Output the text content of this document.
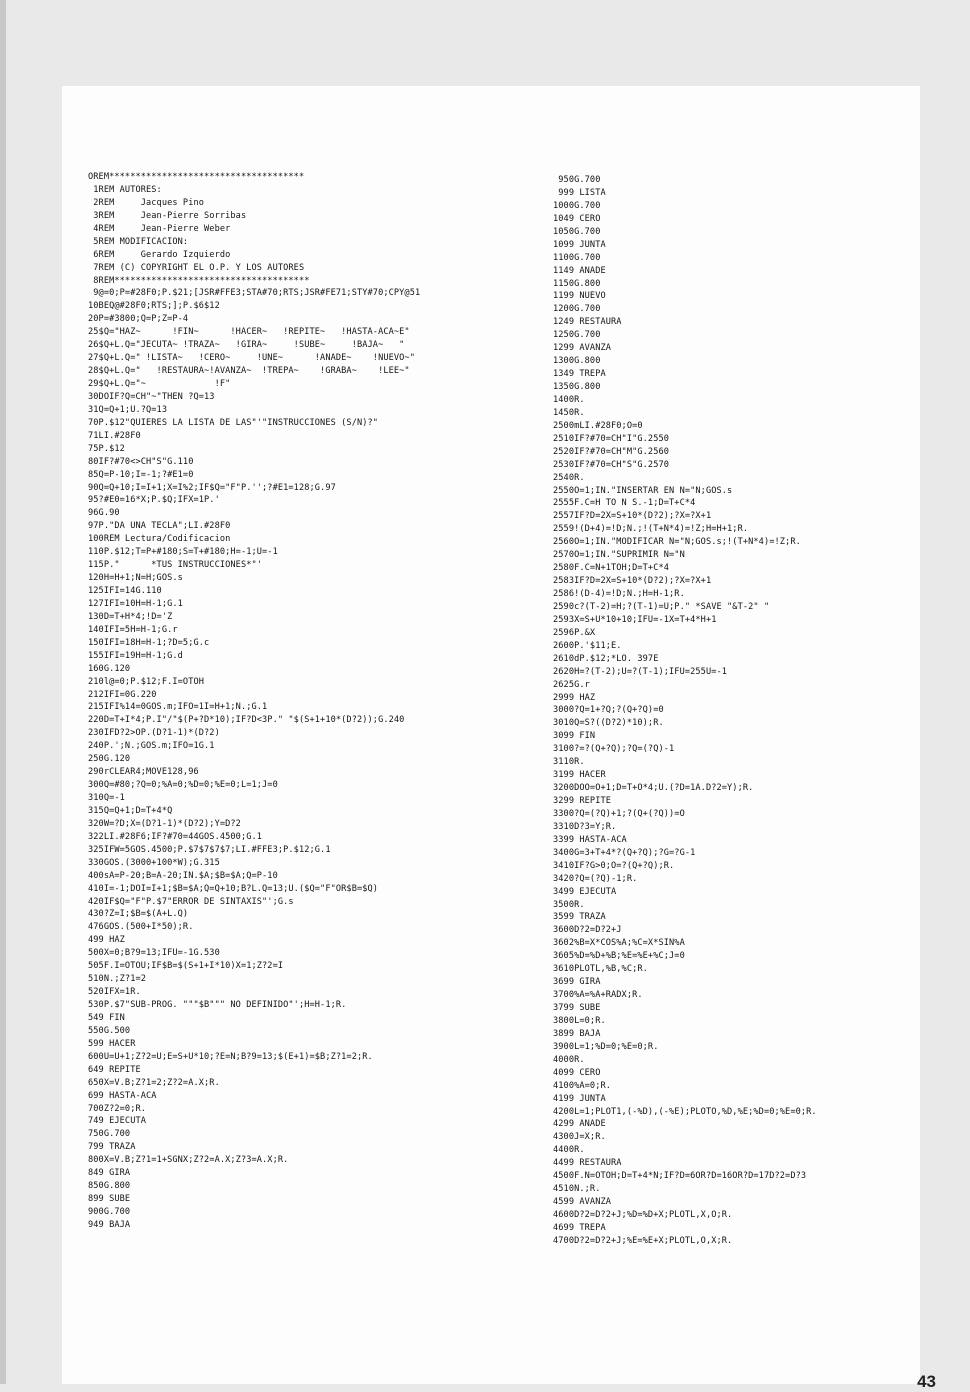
OREM*************************************
1REM AUTORES:
2REM     Jacques Pino
3REM     Jean-Pierre Sorribas
4REM     Jean-Pierre Weber
5REM MODIFICACION:
6REM     Gerardo Izquierdo
7REM (C) COPYRIGHT EL O.P. Y LOS AUTORES
8REM*************************************
9@=0;P=#28F0;P.$21;[JSR#FFE3;STA#70;RTS;JSR#FE71;STY#70;CPY@51
10BEQ@#28F0;RTS;];P.$6$12
20P=#3800;Q=P;Z=P-4
25$Q="HAZ~      !FIN~      !HACER~   !REPITE~   !HASTA-ACA~E"
26$Q+L.Q="JECUTA~ !TRAZA~   !GIRA~     !SUBE~     !BAJA~   "
27$Q+L.Q=" !LISTA~   !CERO~     !UNE~      !ANADE~    !NUEVO~"
28$Q+L.Q="   !RESTAURA~!AVANZA~  !TREPA~    !GRABA~    !LEE~"
29$Q+L.Q="~             !F"
30DOIF?Q=CH"~"THEN ?Q=13
31Q=Q+1;U.?Q=13
70P.$12"QUIERES LA LISTA DE LAS"'"INSTRUCCIONES (S/N)?"
71LI.#28F0
75P.$12
80IF?#70<>CH"S"G.110
85Q=P-10;I=-1;?#E1=0
90Q=Q+10;I=I+1;X=I%2;IF$Q="F"P.'';?#E1=128;G.97
95?#E0=16*X;P.$Q;IFX=1P.'
96G.90
97P."DA UNA TECLA";LI.#28F0
100REM Lectura/Codificacion
110P.$12;T=P+#180;S=T+#180;H=-1;U=-1
115P."      *TUS INSTRUCCIONES*"'
120H=H+1;N=H;GOS.s
125IFI=14G.110
127IFI=10H=H-1;G.1
130D=T+H*4;!D='Z
140IFI=5H=H-1;G.r
150IFI=18H=H-1;?D=5;G.c
155IFI=19H=H-1;G.d
160G.120
210l@=0;P.$12;F.I=OTOH
212IFI=0G.220
215IFI%14=0GOS.m;IFO=1I=H+1;N.;G.1
220D=T+I*4;P.I"/"$(P+?D*10);IF?D<3P." "$(S+1+10*(D?2));G.240
230IFD?2>OP.(D?1-1)*(D?2)
240P.';N.;GOS.m;IFO=1G.1
250G.120
290rCLEAR4;MOVE128,96
300Q=#80;?Q=0;%A=0;%D=0;%E=0;L=1;J=0
310Q=-1
315Q=Q+1;D=T+4*Q
320W=?D;X=(D?1-1)*(D?2);Y=D?2
322LI.#28F6;IF?#70=44GOS.4500;G.1
325IFW=5GOS.4500;P.$7$7$7$7;LI.#FFE3;P.$12;G.1
330GOS.(3000+100*W);G.315
400sA=P-20;B=A-20;IN.$A;$B=$A;Q=P-10
410I=-1;DOI=I+1;$B=$A;Q=Q+10;B?L.Q=13;U.($Q="F"OR$B=$Q)
420IF$Q="F"P.$7"ERROR DE SINTAXIS"';G.s
430?Z=I;$B=$(A+L.Q)
476GOS.(500+I*50);R.
499 HAZ
500X=0;B?9=13;IFU=-1G.530
505F.I=OTOU;IF$B=$(S+1+I*10)X=1;Z?2=I
510N.;Z?1=2
520IFX=1R.
530P.$7"SUB-PROG. """$B""" NO DEFINIDO"';H=H-1;R.
549 FIN
550G.500
599 HACER
600U=U+1;Z?2=U;E=S+U*10;?E=N;B?9=13;$(E+1)=$B;Z?1=2;R.
649 REPITE
650X=V.B;Z?1=2;Z?2=A.X;R.
699 HASTA-ACA
700Z?2=0;R.
749 EJECUTA
750G.700
799 TRAZA
800X=V.B;Z?1=1+SGNX;Z?2=A.X;Z?3=A.X;R.
849 GIRA
850G.800
899 SUBE
900G.700
949 BAJA
950G.700
999 LISTA
1000G.700
1049 CERO
1050G.700
1099 JUNTA
1100G.700
1149 ANADE
1150G.800
1199 NUEVO
1200G.700
1249 RESTAURA
1250G.700
1299 AVANZA
1300G.800
1349 TREPA
1350G.800
1400R.
1450R.
2500mLI.#28F0;O=0
2510IF?#70=CH"I"G.2550
2520IF?#70=CH"M"G.2560
2530IF?#70=CH"S"G.2570
2540R.
2550O=1;IN."INSERTAR EN N="N;GOS.s
2555F.C=H TO N S.-1;D=T+C*4
2557IF?D=2X=S+10*(D?2);?X=?X+1
2559!(D+4)=!D;N.;!(T+N*4)=!Z;H=H+1;R.
2560O=1;IN."MODIFICAR N="N;GOS.s;!(T+N*4)=!Z;R.
2570O=1;IN."SUPRIMIR N="N
2580F.C=N+1TOH;D=T+C*4
2583IF?D=2X=S+10*(D?2);?X=?X+1
2586!(D-4)=!D;N.;H=H-1;R.
2590c?(T-2)=H;?(T-1)=U;P." *SAVE "&T-2" "
2593X=S+U*10+10;IFU=-1X=T+4*H+1
2596P.&X
2600P.'$11;E.
2610dP.$12;*LO. 397E
2620H=?(T-2);U=?(T-1);IFU=255U=-1
2625G.r
2999 HAZ
3000?Q=1+?Q;?(Q+?Q)=0
3010Q=S?((D?2)*10);R.
3099 FIN
3100?=?(Q+?Q);?Q=(?Q)-1
3110R.
3199 HACER
3200DOO=O+1;D=T+O*4;U.(?D=1A.D?2=Y);R.
3299 REPITE
3300?Q=(?Q)+1;?(Q+(?Q))=O
3310D?3=Y;R.
3399 HASTA-ACA
3400G=3+T+4*?(Q+?Q);?G=?G-1
3410IF?G>0;O=?(Q+?Q);R.
3420?Q=(?Q)-1;R.
3499 EJECUTA
3500R.
3599 TRAZA
3600D?2=D?2+J
3602%B=X*COS%A;%C=X*SIN%A
3605%D=%D+%B;%E=%E+%C;J=0
3610PLOTL,%B,%C;R.
3699 GIRA
3700%A=%A+RADX;R.
3799 SUBE
3800L=0;R.
3899 BAJA
3900L=1;%D=0;%E=0;R.
4000R.
4099 CERO
4100%A=0;R.
4199 JUNTA
4200L=1;PLOT1,(-%D),(-%E);PLOTO,%D,%E;%D=0;%E=0;R.
4299 ANADE
4300J=X;R.
4400R.
4499 RESTAURA
4500F.N=OTOH;D=T+4*N;IF?D=6OR?D=16OR?D=17D?2=D?3
4510N.;R.
4599 AVANZA
4600D?2=D?2+J;%D=%D+X;PLOTL,X,O;R.
4699 TREPA
4700D?2=D?2+J;%E=%E+X;PLOTL,O,X;R.
43
